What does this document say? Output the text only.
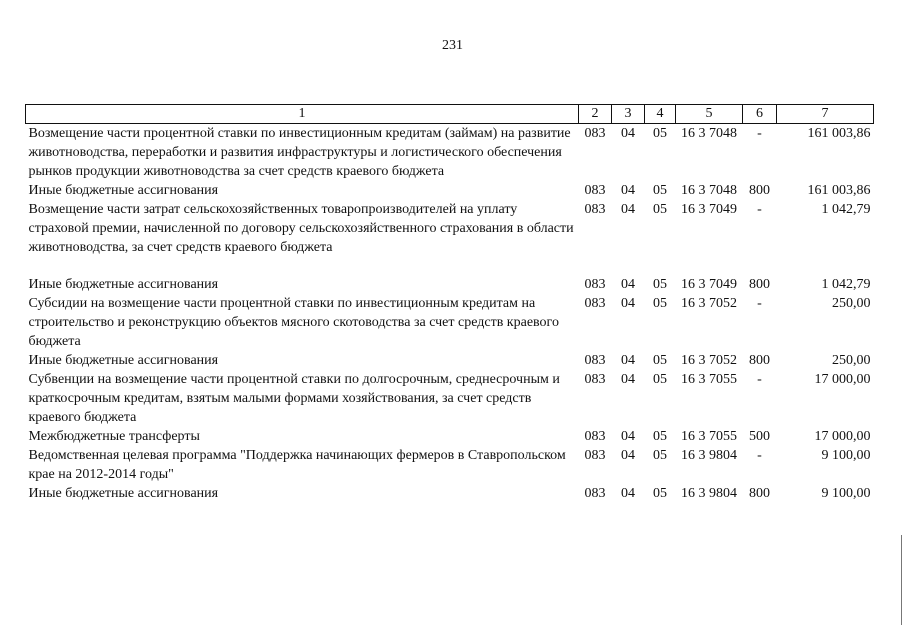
231
1	2	3	4	5	6	7
Возмещение части процентной ставки по инвестиционным кредитам (займам) на развитие животноводства, переработки и развития инфраструктуры и логистического обеспечения рынков продукции животноводства за счет средств краевого бюджета	083	04	05	16 3 7048	-	161 003,86
Иные бюджетные ассигнования	083	04	05	16 3 7048	800	161 003,86
Возмещение части затрат сельскохозяйственных товаропроизводителей на уплату страховой премии, начисленной по договору сельскохозяйственного страхования в области животноводства, за счет средств краевого бюджета	083	04	05	16 3 7049	-	1 042,79

Иные бюджетные ассигнования	083	04	05	16 3 7049	800	1 042,79
Субсидии на возмещение части процентной ставки по инвестиционным кредитам на строительство и реконструкцию объектов мясного скотоводства за счет средств краевого бюджета	083	04	05	16 3 7052	-	250,00
Иные бюджетные ассигнования	083	04	05	16 3 7052	800	250,00
Субвенции на возмещение части процентной ставки по долгосрочным, среднесрочным и краткосрочным кредитам, взятым малыми формами хозяйствования, за счет средств краевого бюджета	083	04	05	16 3 7055	-	17 000,00
Межбюджетные трансферты	083	04	05	16 3 7055	500	17 000,00
Ведомственная целевая программа "Поддержка начинающих фермеров в Ставропольском крае на 2012-2014 годы"	083	04	05	16 3 9804	-	9 100,00
Иные бюджетные ассигнования	083	04	05	16 3 9804	800	9 100,00
